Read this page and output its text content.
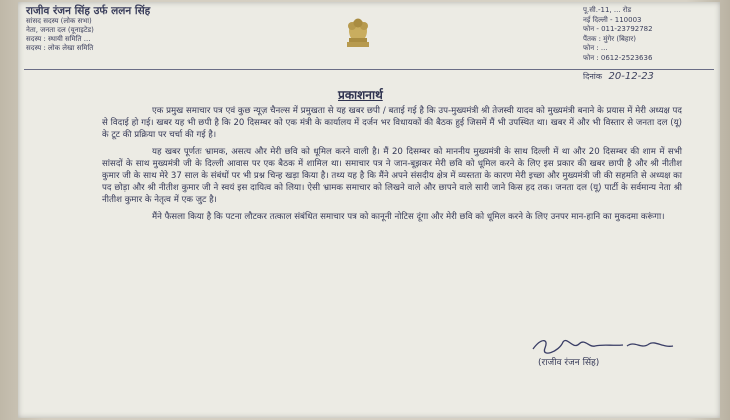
राजीव रंजन सिंह उर्फ ललन सिंह
सांसद सदस्य (लोक सभा)
नेता, जनता दल (यूनाइटेड)
सदस्य : स्थायी समिति ...
सदस्य : लोक लेखा समिति
पू.सी.-11, ... रोड
नई दिल्ली - 110003
फोन - 011-23792782
पैंतक : मुंगेर (बिहार)
फोन : ...
फोन : 0612-2523636
दिनांक 20-12-23
प्रकाशनार्थ

एक प्रमुख समाचार पत्र एवं कुछ न्यूज़ चैनल्स में प्रमुखता से यह खबर छपी / बताई गई है कि उप-मुख्यमंत्री श्री तेजस्वी यादव को मुख्यमंत्री बनाने के प्रयास में मेरी अध्यक्ष पद से विदाई हो गई। खबर यह भी छपी है कि 20 दिसम्बर को एक मंत्री के कार्यालय में दर्जन भर विधायकों की बैठक हुई जिसमें मैं भी उपस्थित था। खबर में और भी विस्तार से जनता दल (यू) के टूट की प्रक्रिया पर चर्चा की गई है।

यह खबर पूर्णतः भ्रामक, असत्य और मेरी छवि को धूमिल करने वाली है। मैं 20 दिसम्बर को माननीय मुख्यमंत्री के साथ दिल्ली में था और 20 दिसम्बर की शाम में सभी सांसदों के साथ मुख्यमंत्री जी के दिल्ली आवास पर एक बैठक में शामिल था। समाचार पत्र ने जान-बूझकर मेरी छवि को धूमिल करने के लिए इस प्रकार की खबर छापी है और श्री नीतीश कुमार जी के साथ मेरे 37 साल के संबंधों पर भी प्रश्न चिन्ह खड़ा किया है। तथ्य यह है कि मैंने अपने संसदीय क्षेत्र में व्यस्तता के कारण मेरी इच्छा और मुख्यमंत्री जी की सहमति से अध्यक्ष का पद छोड़ा और श्री नीतीश कुमार जी ने स्वयं इस दायित्व को लिया। ऐसी भ्रामक समाचार को लिखने वाले और छापने वाले सारी जाने किस हद तक। जनता दल (यू) पार्टी के सर्वमान्य नेता श्री नीतीश कुमार के नेतृत्व में एक जुट है।

मैंने फैसला किया है कि पटना लौटकर तत्काल संबंधित समाचार पत्र को कानूनी नोटिस दूंगा और मेरी छवि को धूमिल करने के लिए उनपर मान-हानि का मुकदमा करूंगा।

(राजीव रंजन सिंह)
